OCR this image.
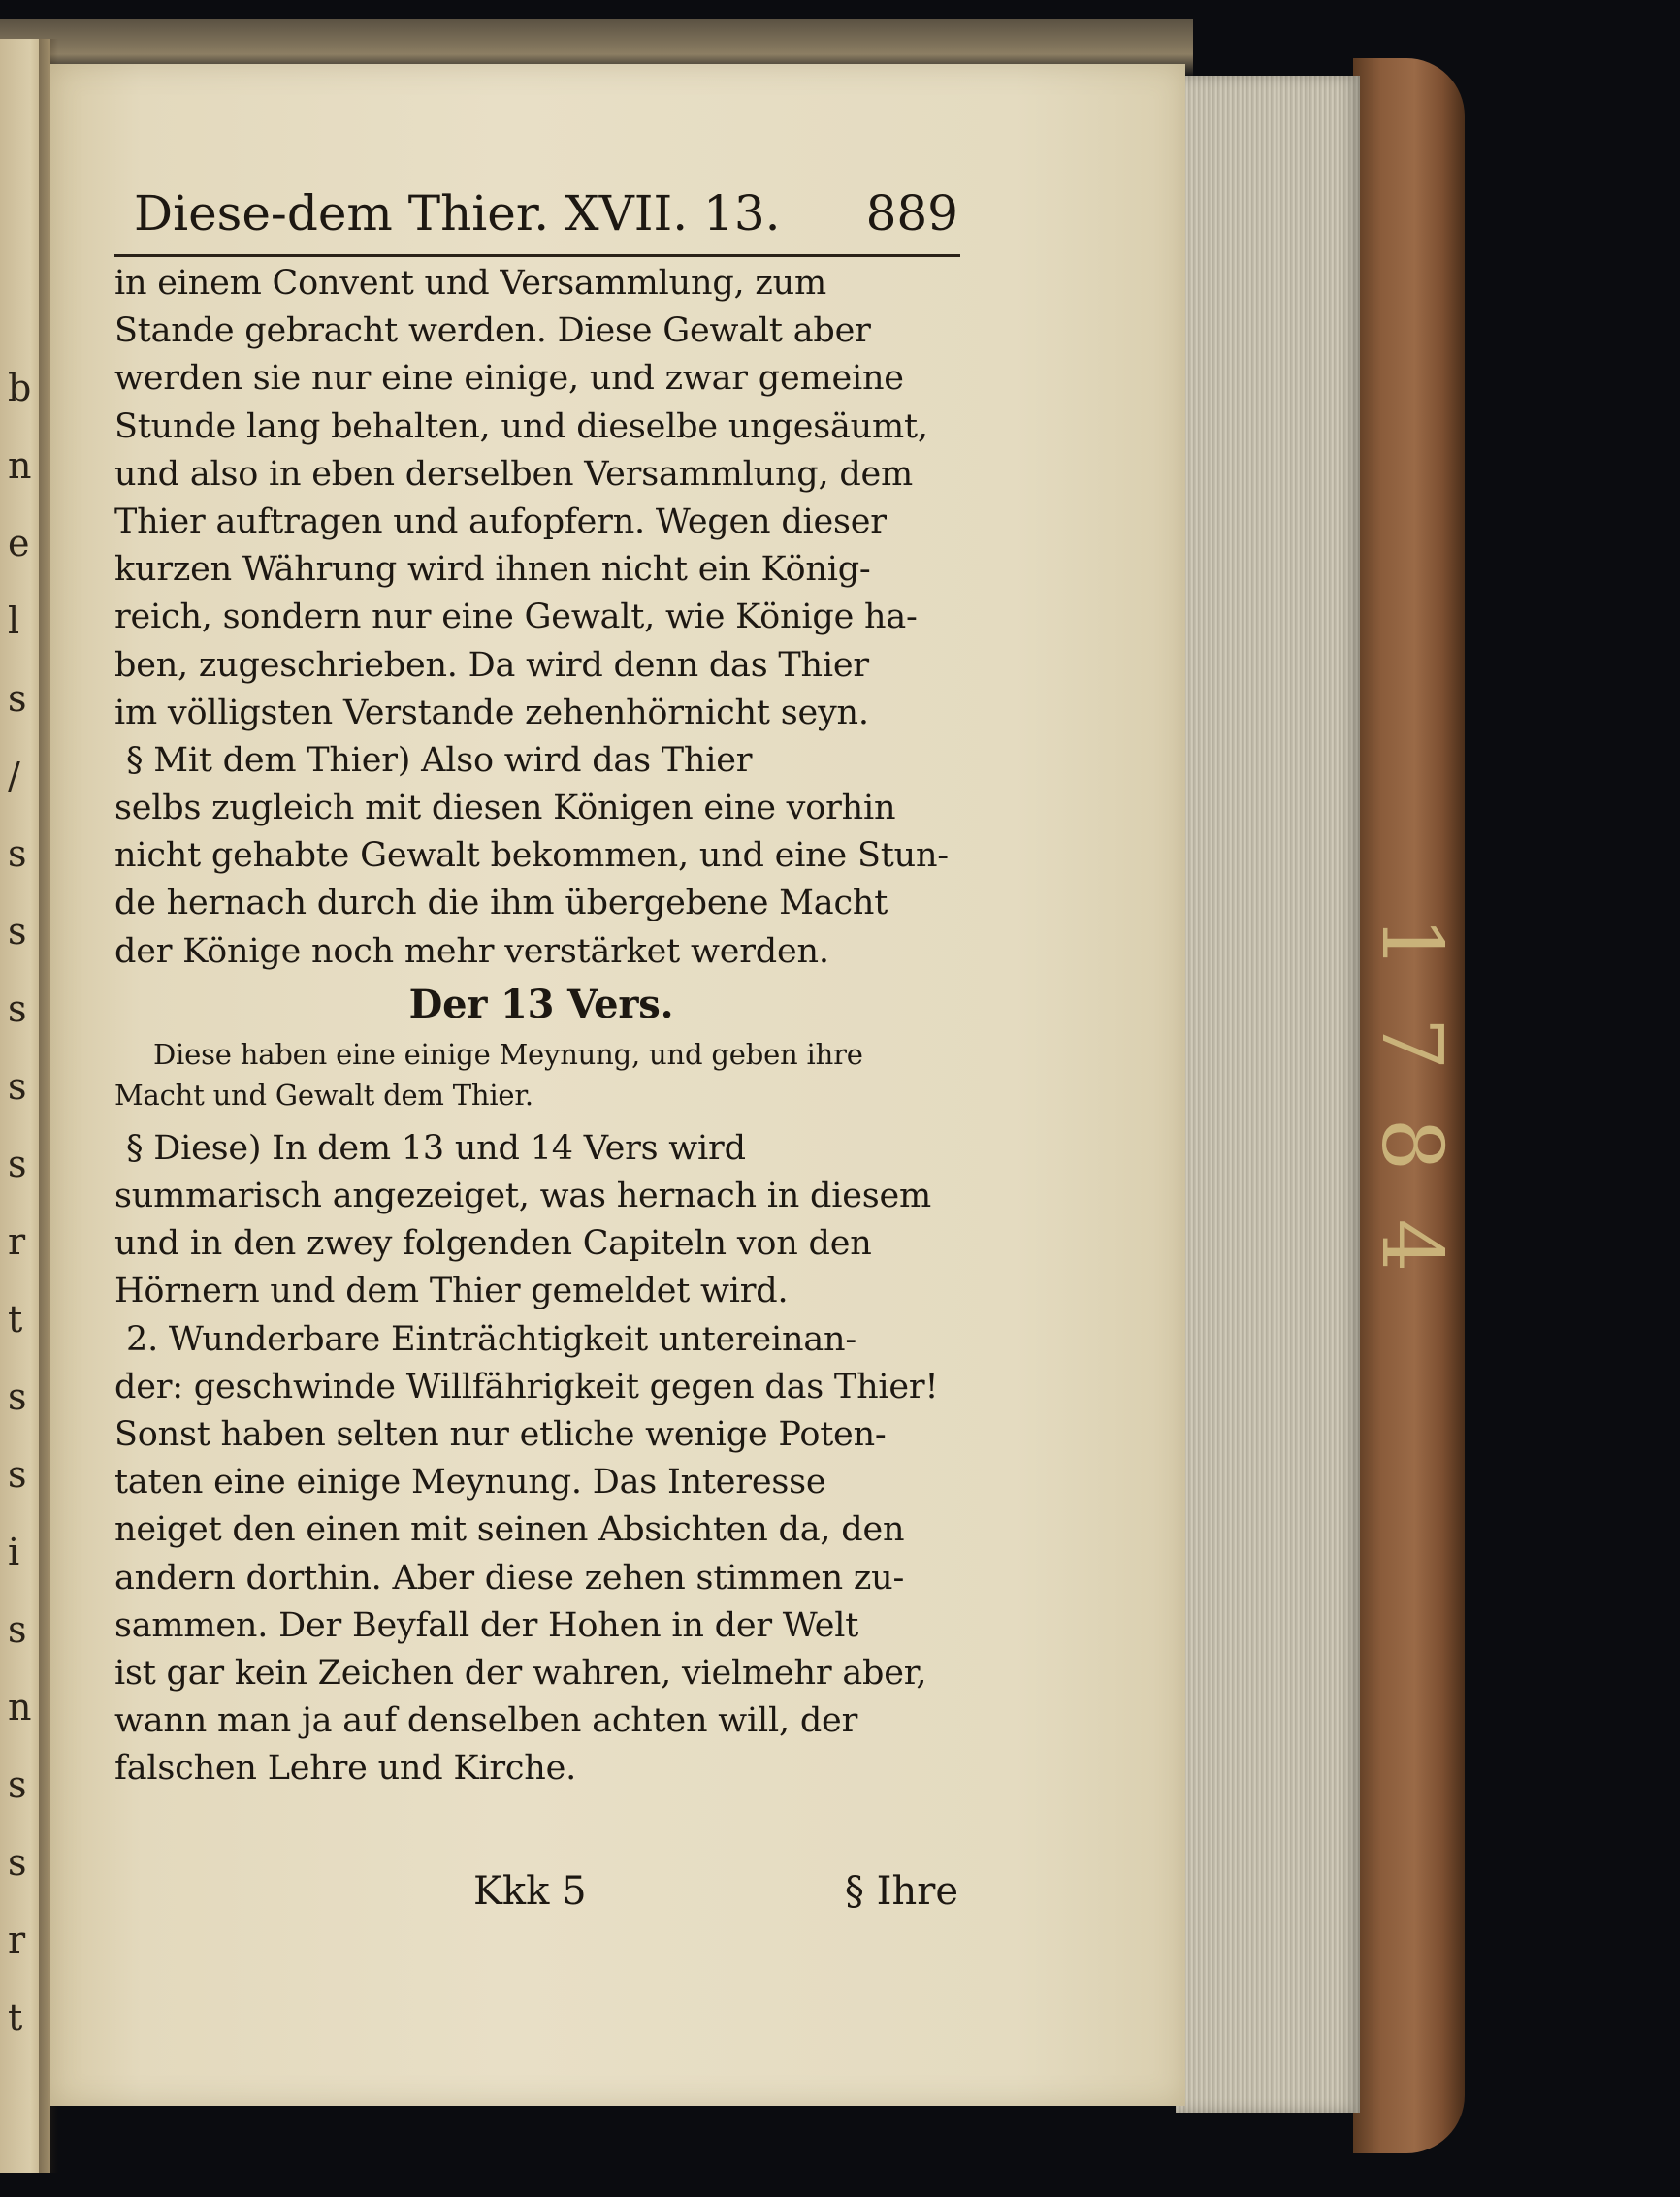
b
n
e
l
s
/
s
s
s
s
s
r
t
s
s
i
s
n
s
s
r
t
1
7
8
4
Diese-dem Thier. XVII. 13. 889
in einem Convent und Versammlung, zum
Stande gebracht werden. Diese Gewalt aber
werden sie nur eine einige, und zwar gemeine
Stunde lang behalten, und dieselbe ungesäumt,
und also in eben derselben Versammlung, dem
Thier auftragen und aufopfern. Wegen dieser
kurzen Währung wird ihnen nicht ein König-
reich, sondern nur eine Gewalt, wie Könige ha-
ben, zugeschrieben. Da wird denn das Thier
im völligsten Verstande zehenhörnicht seyn.
§ Mit dem Thier) Also wird das Thier
selbs zugleich mit diesen Königen eine vorhin
nicht gehabte Gewalt bekommen, und eine Stun-
de hernach durch die ihm übergebene Macht
der Könige noch mehr verstärket werden.
Der 13 Vers.
Diese haben eine einige Meynung, und geben ihre
Macht und Gewalt dem Thier.
§ Diese) In dem 13 und 14 Vers wird
summarisch angezeiget, was hernach in diesem
und in den zwey folgenden Capiteln von den
Hörnern und dem Thier gemeldet wird.
2. Wunderbare Einträchtigkeit untereinan-
der: geschwinde Willfährigkeit gegen das Thier!
Sonst haben selten nur etliche wenige Poten-
taten eine einige Meynung. Das Interesse
neiget den einen mit seinen Absichten da, den
andern dorthin. Aber diese zehen stimmen zu-
sammen. Der Beyfall der Hohen in der Welt
ist gar kein Zeichen der wahren, vielmehr aber,
wann man ja auf denselben achten will, der
falschen Lehre und Kirche.
Kkk 5	§ Ihre
